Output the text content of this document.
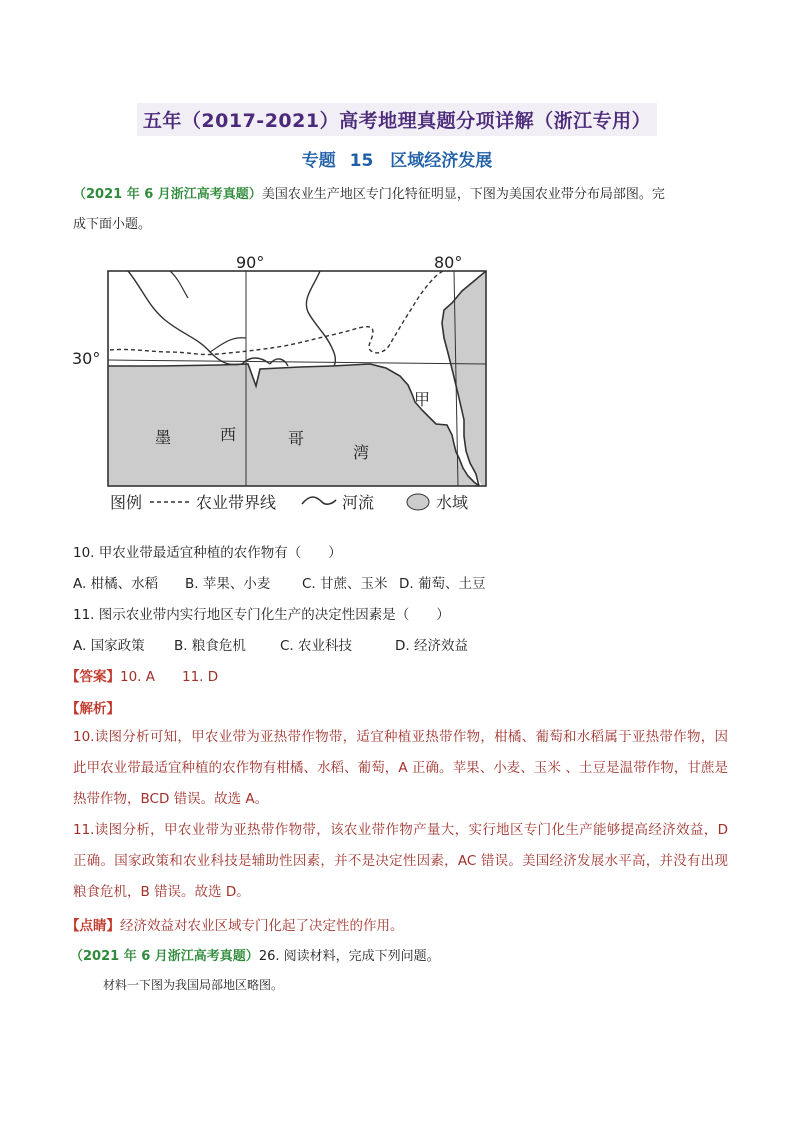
五年（2017-2021）高考地理真题分项详解（浙江专用）
专题 15　区域经济发展
（2021 年 6 月浙江高考真题）美国农业生产地区专门化特征明显，下图为美国农业带分布局部图。完
成下面小题。
90°	80°
30°
甲
墨	西	哥
湾
图例	农业带界线	河流	水域
10. 甲农业带最适宜种植的农作物有（　　）
A. 柑橘、水稻 B. 苹果、小麦 C. 甘蔗、玉米 D. 葡萄、土豆
11. 图示农业带内实行地区专门化生产的决定性因素是（　　）
A. 国家政策 B. 粮食危机	C. 农业科技	D. 经济效益
【答案】10. A　　11. D
【解析】
10.读图分析可知，甲农业带为亚热带作物带，适宜种植亚热带作物，柑橘、葡萄和水稻属于亚热带作物，因此甲农业带最适宜种植的农作物有柑橘、水稻、葡萄，A 正确。苹果、小麦、玉米 、土豆是温带作物，甘蔗是热带作物，BCD 错误。故选 A。
11.读图分析，甲农业带为亚热带作物带，该农业带作物产量大，实行地区专门化生产能够提高经济效益，D 正确。国家政策和农业科技是辅助性因素，并不是决定性因素，AC 错误。美国经济发展水平高，并没有出现粮食危机，B 错误。故选 D。
【点睛】经济效益对农业区域专门化起了决定性的作用。
（2021 年 6 月浙江高考真题）26. 阅读材料，完成下列问题。
材料一下图为我国局部地区略图。
